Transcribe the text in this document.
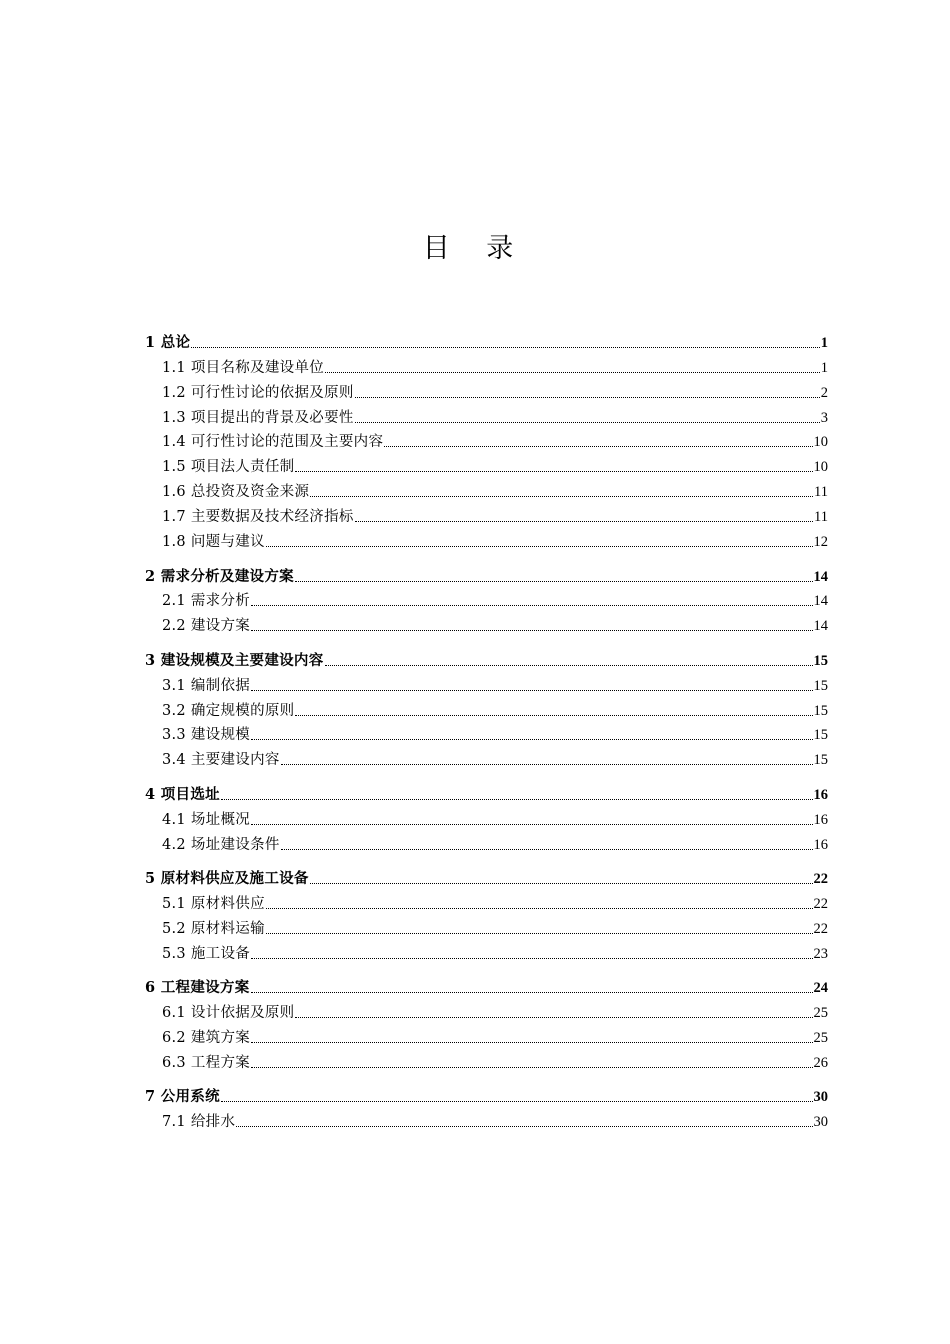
目 录
1 总论	1
1.1 项目名称及建设单位	1
1.2 可行性讨论的依据及原则	2
1.3 项目提出的背景及必要性	3
1.4 可行性讨论的范围及主要内容	10
1.5 项目法人责任制	10
1.6 总投资及资金来源	11
1.7 主要数据及技术经济指标	11
1.8 问题与建议	12
2 需求分析及建设方案	14
2.1 需求分析	14
2.2 建设方案	14
3 建设规模及主要建设内容	15
3.1 编制依据	15
3.2 确定规模的原则	15
3.3 建设规模	15
3.4 主要建设内容	15
4 项目选址	16
4.1 场址概况	16
4.2 场址建设条件	16
5 原材料供应及施工设备	22
5.1 原材料供应	22
5.2 原材料运输	22
5.3 施工设备	23
6 工程建设方案	24
6.1 设计依据及原则	25
6.2 建筑方案	25
6.3 工程方案	26
7 公用系统	30
7.1 给排水	30
